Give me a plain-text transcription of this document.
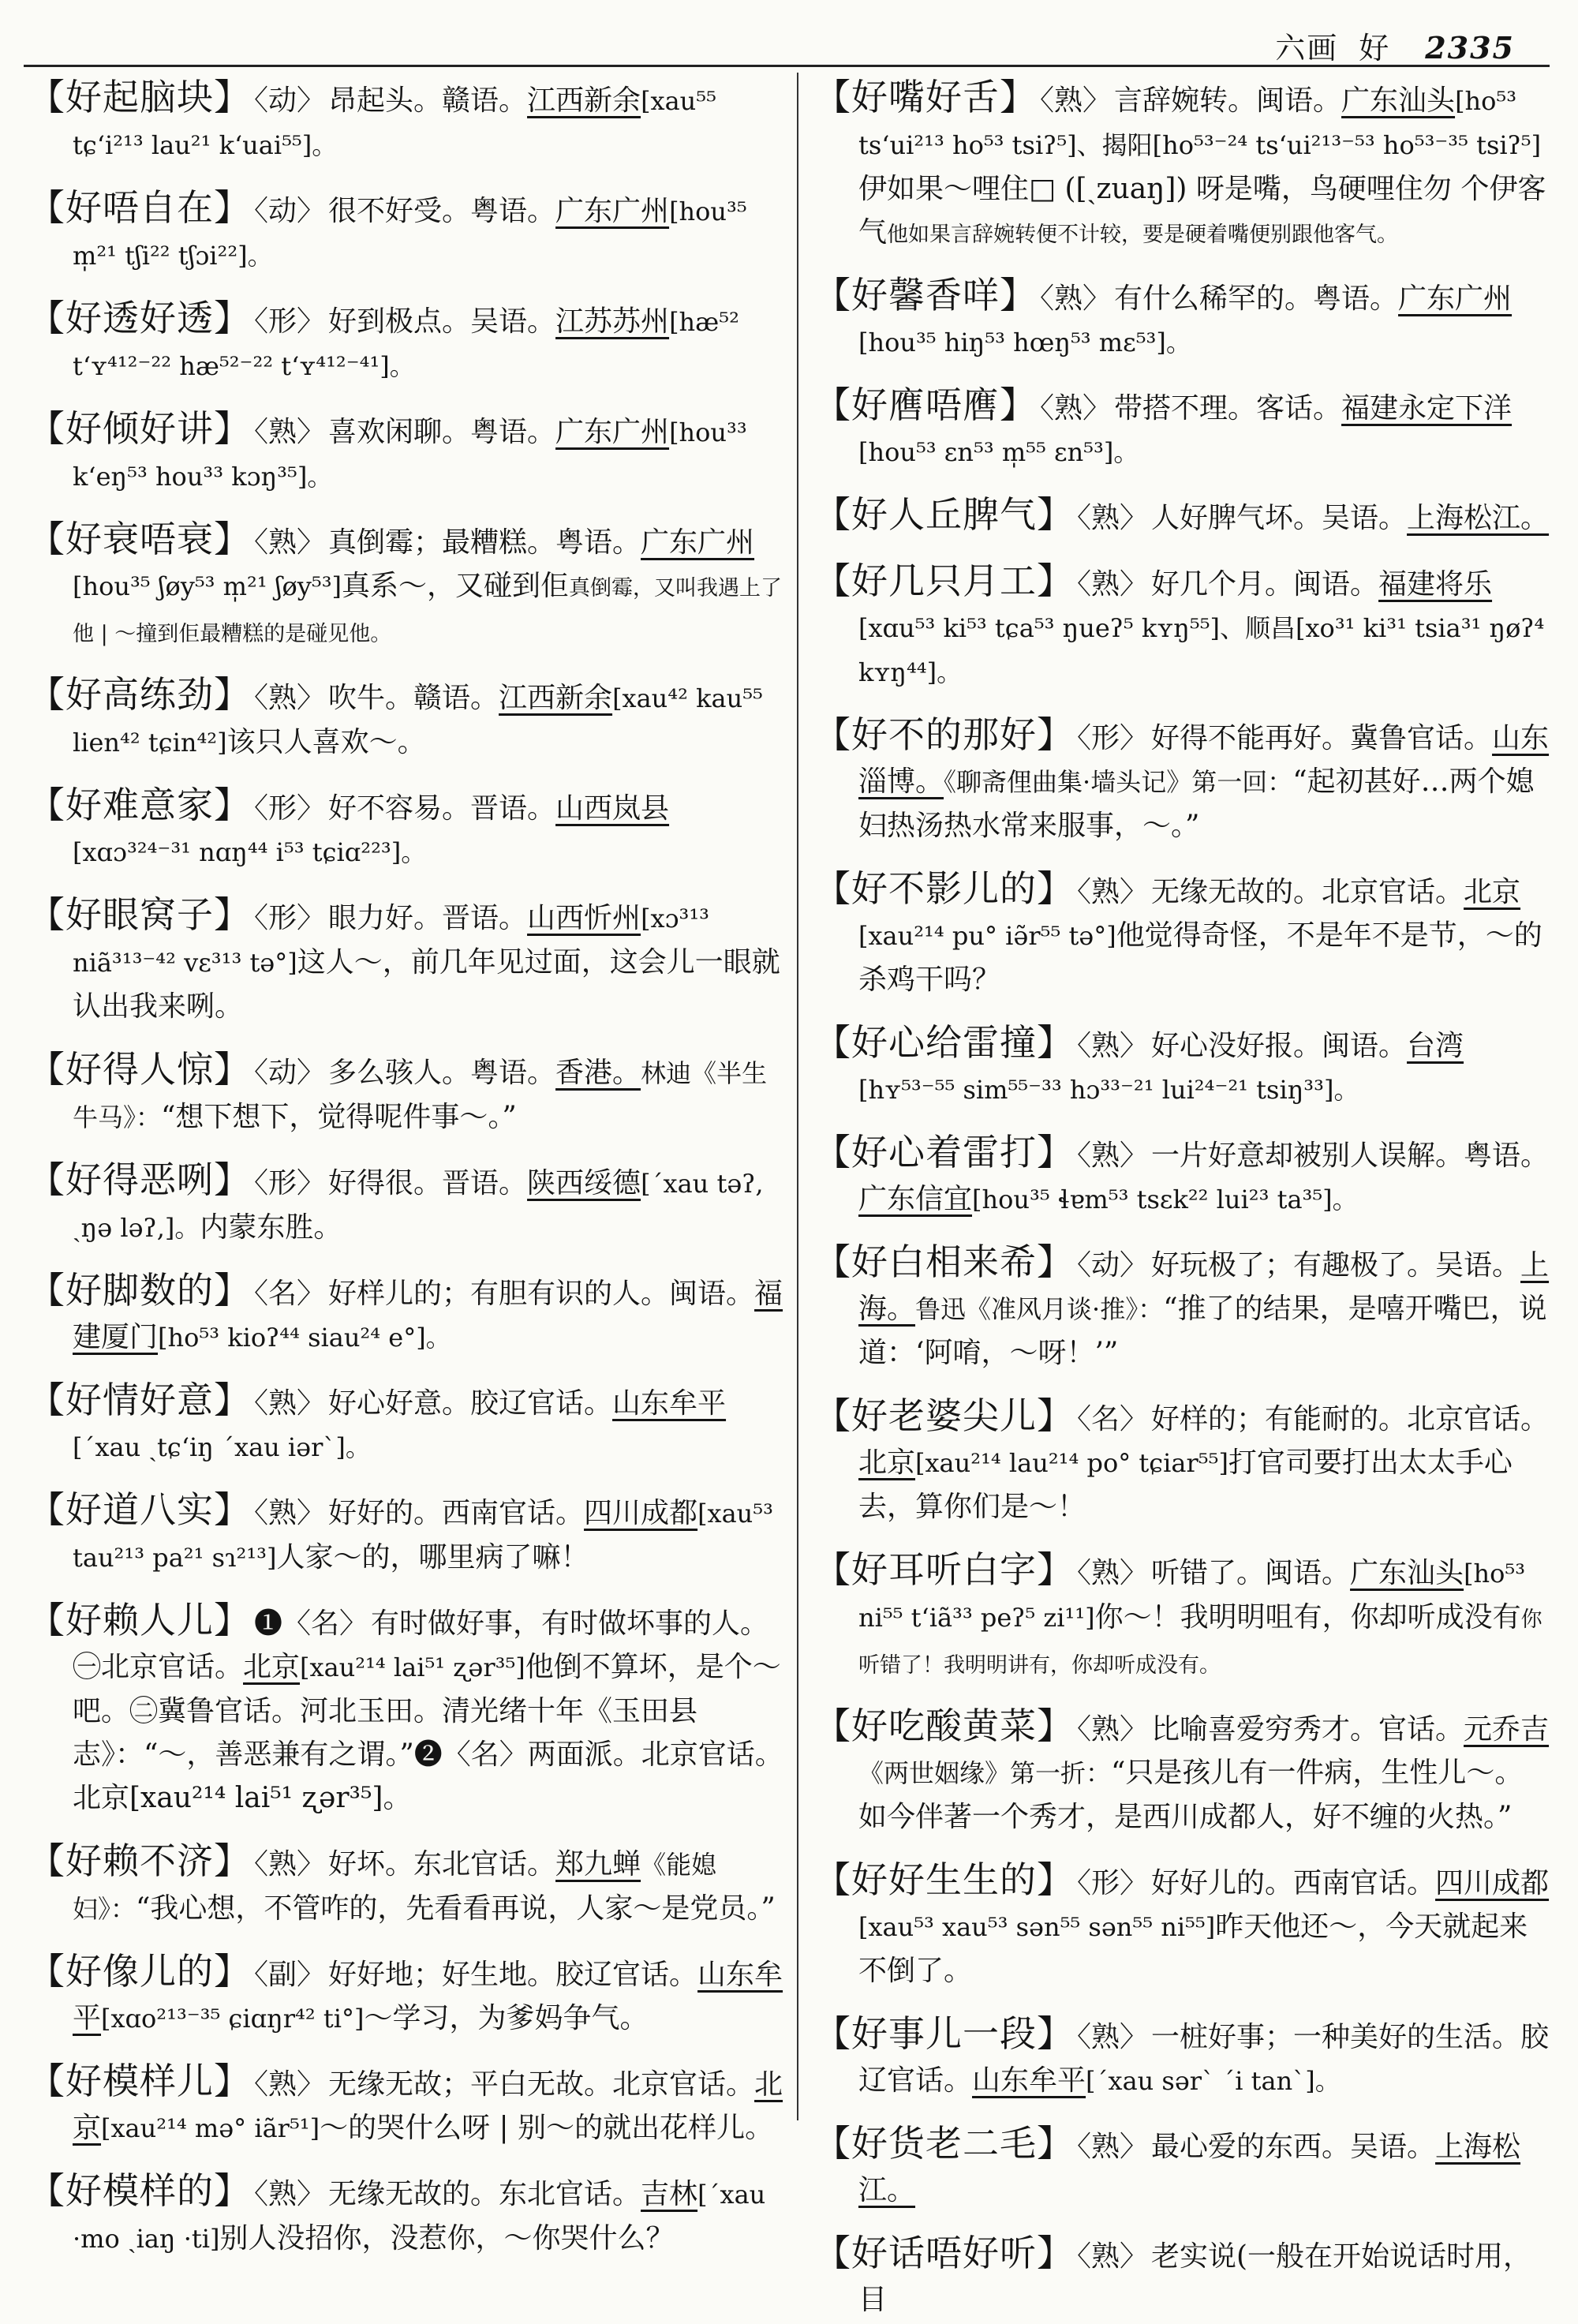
六画 好 2335
【好起脑块】 〈动〉 昂起头。赣语。江西新余[xau⁵⁵ tɕʻi²¹³ lau²¹ kʻuai⁵⁵]。
【好唔自在】 〈动〉 很不好受。粤语。广东广州[hou³⁵ m̩²¹ tʃi²² tʃɔi²²]。
【好透好透】 〈形〉 好到极点。吴语。江苏苏州[hæ⁵² tʻʏ⁴¹²⁻²² hæ⁵²⁻²² tʻʏ⁴¹²⁻⁴¹]。
【好倾好讲】 〈熟〉 喜欢闲聊。粤语。广东广州[hou³³ kʻeŋ⁵³ hou³³ kɔŋ³⁵]。
【好衰唔衰】 〈熟〉 真倒霉；最糟糕。粤语。广东广州[hou³⁵ ʃøy⁵³ m̩²¹ ʃøy⁵³]真系～，又碰到佢真倒霉，又叫我遇上了他 | ～撞到佢最糟糕的是碰见他。
【好高练劲】 〈熟〉 吹牛。赣语。江西新余[xau⁴² kau⁵⁵ lien⁴² tɕin⁴²]该只人喜欢～。
【好难意家】 〈形〉 好不容易。晋语。山西岚县[xɑɔ³²⁴⁻³¹ nɑŋ⁴⁴ i⁵³ tɕiɑ²²³]。
【好眼窝子】 〈形〉 眼力好。晋语。山西忻州[xɔ³¹³ niã³¹³⁻⁴² vɛ³¹³ tə°]这人～，前几年见过面，这会儿一眼就认出我来咧。
【好得人惊】 〈动〉 多么骇人。粤语。香港。林迪《半生牛马》：“想下想下，觉得呢件事～。”
【好得恶咧】 〈形〉 好得很。晋语。陕西绥德[ˊxau təʔ, ˏŋə ləʔ,]。内蒙东胜。
【好脚数的】 〈名〉 好样儿的；有胆有识的人。闽语。福建厦门[ho⁵³ kioʔ⁴⁴ siau²⁴ e°]。
【好情好意】 〈熟〉 好心好意。胶辽官话。山东牟平[ˊxau ˏtɕʻiŋ ˊxau iərˋ]。
【好道八实】 〈熟〉 好好的。西南官话。四川成都[xau⁵³ tau²¹³ pa²¹ sɿ²¹³]人家～的，哪里病了嘛！
【好赖人儿】 ❶〈名〉 有时做好事，有时做坏事的人。㊀北京官话。北京[xau²¹⁴ lai⁵¹ ʐər³⁵]他倒不算坏，是个～吧。㊁冀鲁官话。河北玉田。清光绪十年《玉田县志》：“～，善恶兼有之谓。”❷〈名〉两面派。北京官话。北京[xau²¹⁴ lai⁵¹ ʐər³⁵]。
【好赖不济】 〈熟〉 好坏。东北官话。郑九蝉《能媳妇》：“我心想，不管咋的，先看看再说，人家～是党员。”
【好像儿的】 〈副〉 好好地；好生地。胶辽官话。山东牟平[xɑo²¹³⁻³⁵ ɕiɑŋr⁴² ti°]～学习，为爹妈争气。
【好模样儿】 〈熟〉 无缘无故；平白无故。北京官话。北京[xau²¹⁴ mə° iãr⁵¹]～的哭什么呀 | 别～的就出花样儿。
【好模样的】 〈熟〉 无缘无故的。东北官话。吉林[ˊxau ·mo ˏiaŋ ·ti]别人没招你，没惹你，～你哭什么？
【好嘴好舌】 〈熟〉 言辞婉转。闽语。广东汕头[ho⁵³ tsʻui²¹³ ho⁵³ tsiʔ⁵]、揭阳[ho⁵³⁻²⁴ tsʻui²¹³⁻⁵³ ho⁵³⁻³⁵ tsiʔ⁵]伊如果～哩住□ ([ˏzuaŋ]) 呀是嘴，鸟硬哩住勿 个伊客气他如果言辞婉转便不计较，要是硬着嘴便别跟他客气。
【好馨香咩】 〈熟〉 有什么稀罕的。粤语。广东广州[hou³⁵ hiŋ⁵³ hœŋ⁵³ mɛ⁵³]。
【好噟唔噟】 〈熟〉 带搭不理。客话。福建永定下洋[hou⁵³ ɛn⁵³ m̩⁵⁵ ɛn⁵³]。
【好人丘脾气】 〈熟〉 人好脾气坏。吴语。上海松江。
【好几只月工】 〈熟〉 好几个月。闽语。福建将乐[xɑu⁵³ ki⁵³ tɕa⁵³ ŋueʔ⁵ kʏŋ⁵⁵]、顺昌[xo³¹ ki³¹ tsia³¹ ŋøʔ⁴ kʏŋ⁴⁴]。
【好不的那好】 〈形〉 好得不能再好。冀鲁官话。山东淄博。《聊斋俚曲集·墙头记》第一回：“起初甚好…两个媳妇热汤热水常来服事，～。”
【好不影儿的】 〈熟〉 无缘无故的。北京官话。北京[xau²¹⁴ pu° iə̃r⁵⁵ tə°]他觉得奇怪，不是年不是节，～的杀鸡干吗？
【好心给雷撞】 〈熟〉 好心没好报。闽语。台湾[hʏ⁵³⁻⁵⁵ sim⁵⁵⁻³³ hɔ³³⁻²¹ lui²⁴⁻²¹ tsiŋ³³]。
【好心着雷打】 〈熟〉 一片好意却被别人误解。粤语。广东信宜[hou³⁵ ɬɐm⁵³ tsɛk²² lui²³ ta³⁵]。
【好白相来希】 〈动〉 好玩极了；有趣极了。吴语。上海。鲁迅《准风月谈·推》：“推了的结果，是嘻开嘴巴，说道：‘阿唷，～呀！’”
【好老婆尖儿】 〈名〉 好样的；有能耐的。北京官话。北京[xau²¹⁴ lau²¹⁴ po° tɕiar⁵⁵]打官司要打出太太手心去，算你们是～！
【好耳听白字】 〈熟〉 听错了。闽语。广东汕头[ho⁵³ ni⁵⁵ tʻiã³³ peʔ⁵ zi¹¹]你～！我明明咀有，你却听成没有你听错了！我明明讲有，你却听成没有。
【好吃酸黄菜】 〈熟〉 比喻喜爱穷秀才。官话。元乔吉《两世姻缘》第一折：“只是孩儿有一件病，生性儿～。如今伴著一个秀才，是西川成都人，好不缠的火热。”
【好好生生的】 〈形〉 好好儿的。西南官话。四川成都[xau⁵³ xau⁵³ sən⁵⁵ sən⁵⁵ ni⁵⁵]昨天他还～，今天就起来不倒了。
【好事儿一段】 〈熟〉 一桩好事；一种美好的生活。胶辽官话。山东牟平[ˊxau sərˋ ˊi tanˋ]。
【好货老二毛】 〈熟〉 最心爱的东西。吴语。上海松江。
【好话唔好听】 〈熟〉 老实说(一般在开始说话时用，目
